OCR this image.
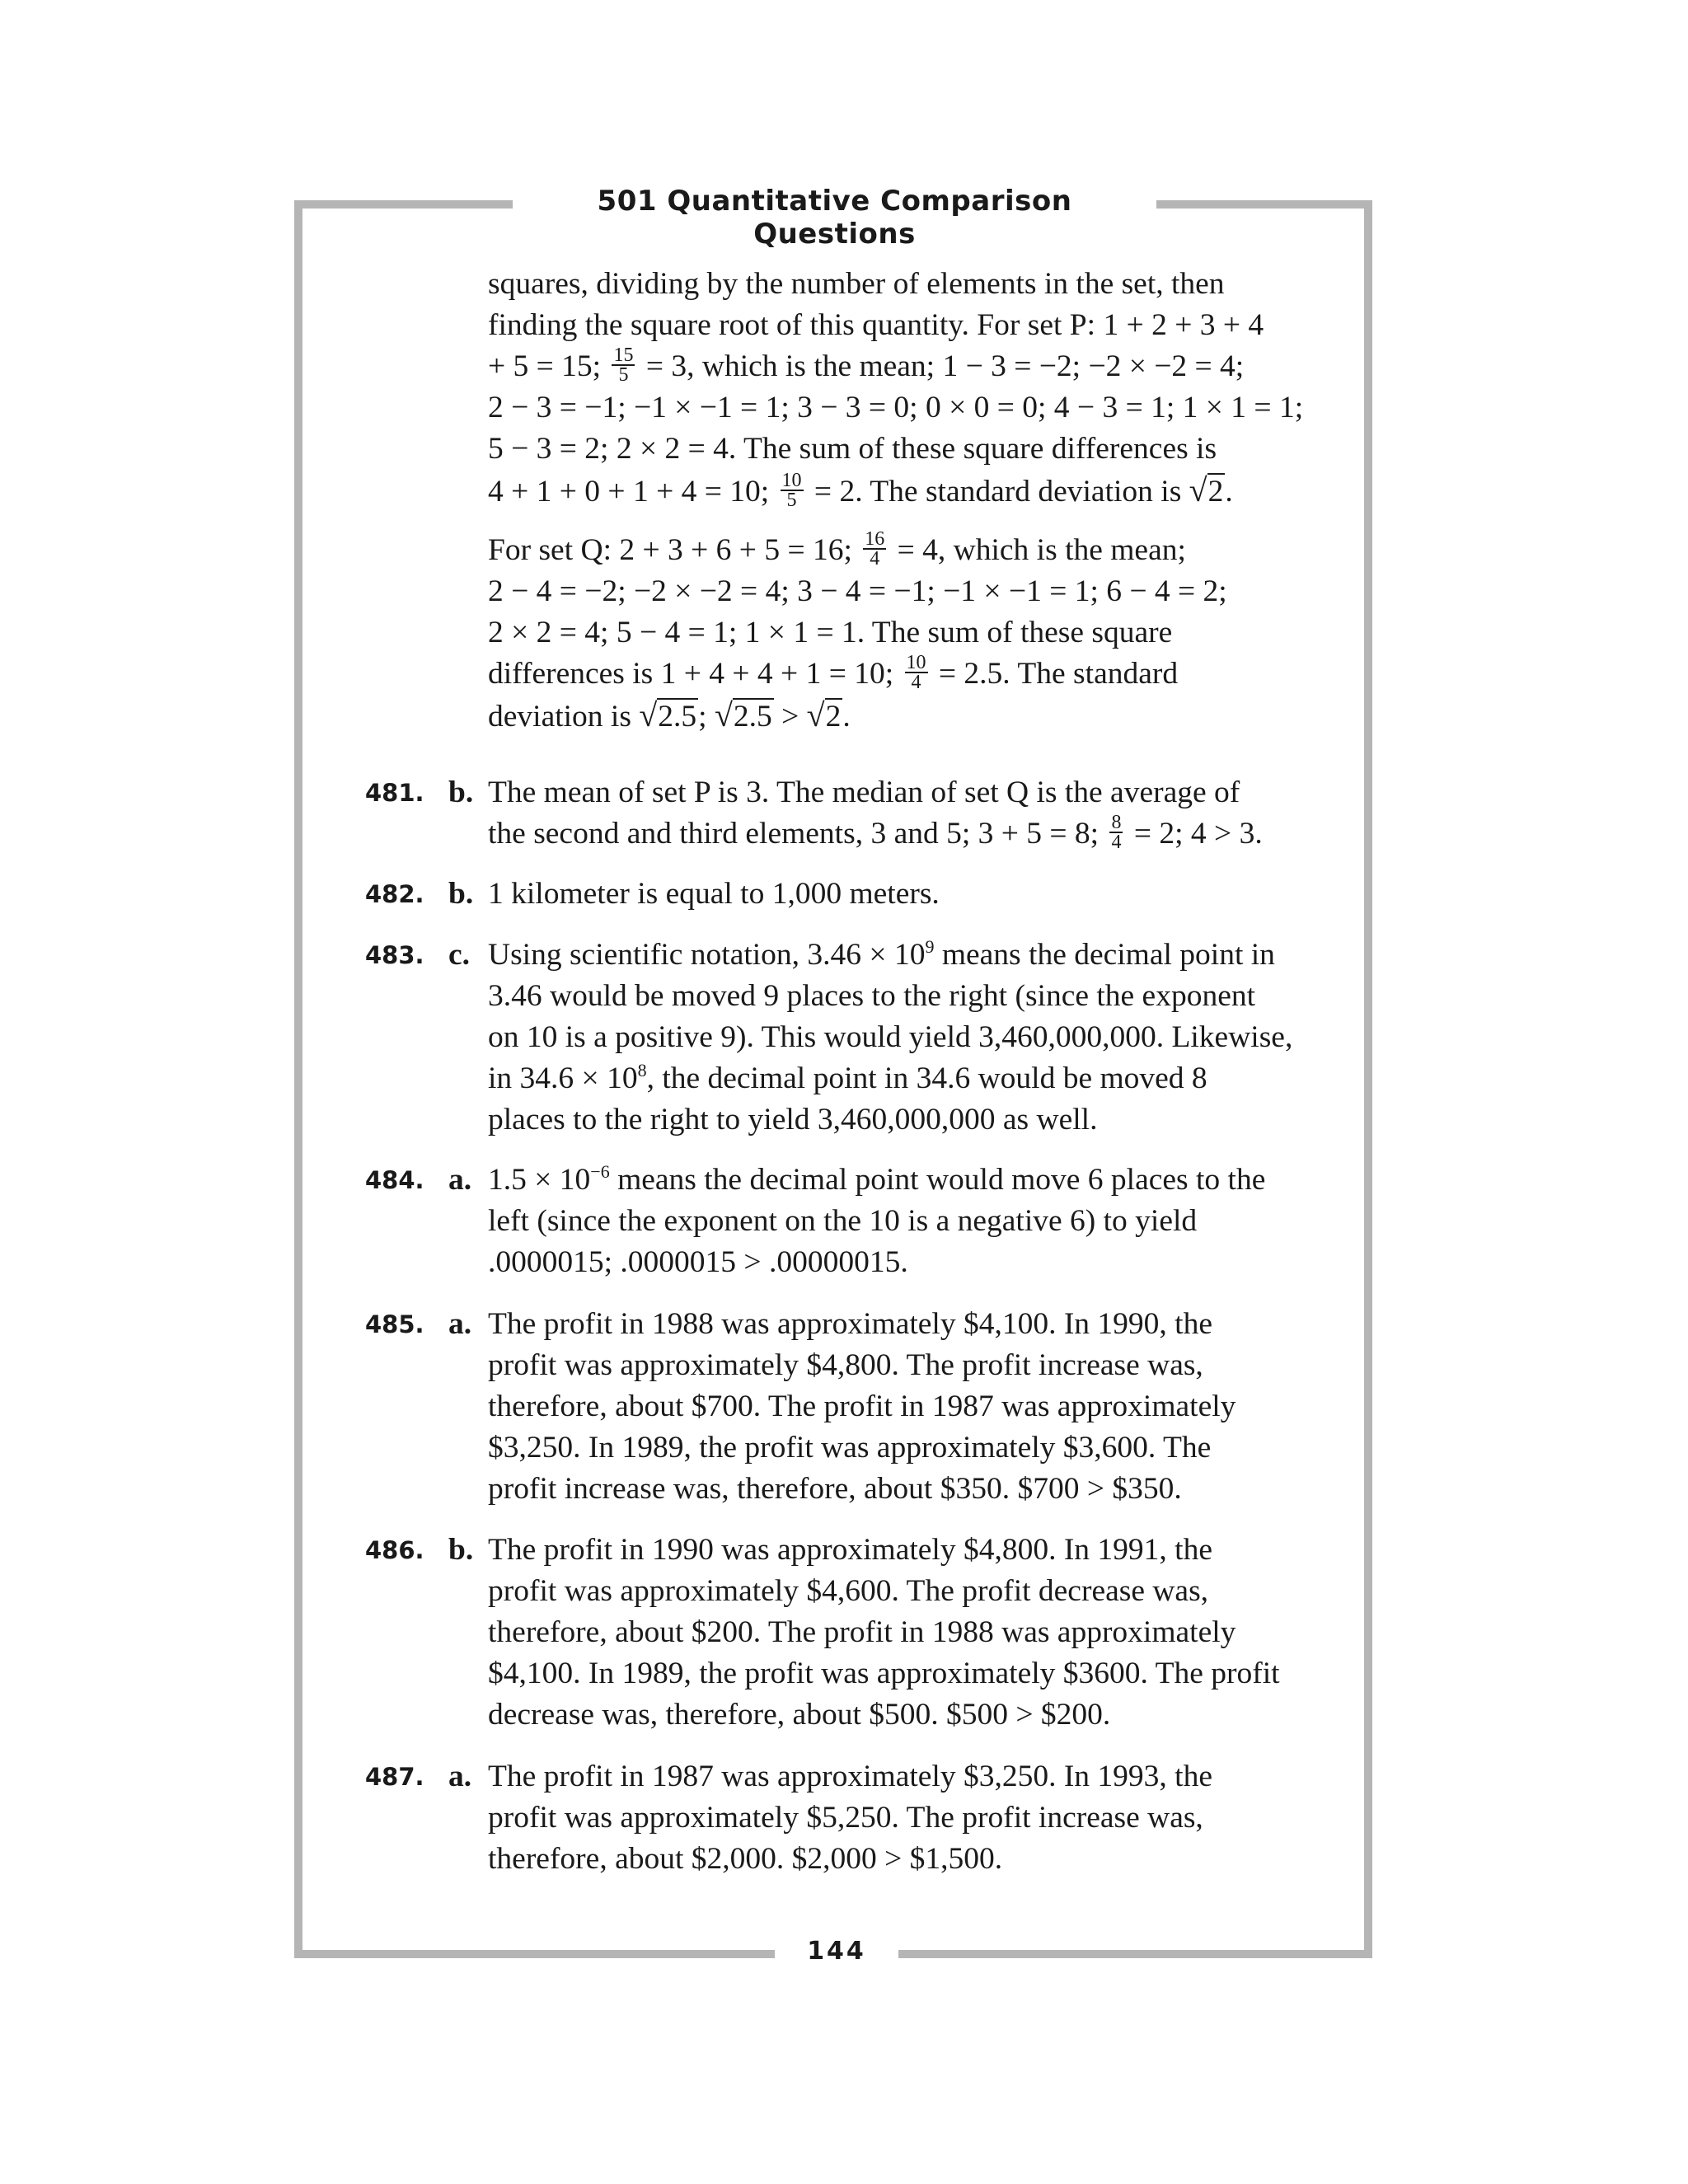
501 Quantitative Comparison Questions
144
squares, dividing by the number of elements in the set, then
finding the square root of this quantity. For set P: 1 + 2 + 3 + 4
+ 5 = 15; $\frac{15}{5} = 3$, which is the mean; 1 − 3 = −2; −2 × −2 = 4;
2 − 3 = −1; −1 × −1 = 1; 3 − 3 = 0; 0 × 0 = 0; 4 − 3 = 1; 1 × 1 = 1;
5 − 3 = 2; 2 × 2 = 4. The sum of these square differences is
4 + 1 + 0 + 1 + 4 = 10; $\frac{10}{5} = 2$. The standard deviation is √2.
For set Q: 2 + 3 + 6 + 5 = 16; $\frac{16}{4} = 4$, which is the mean;
2 − 4 = −2; −2 × −2 = 4; 3 − 4 = −1; −1 × −1 = 1; 6 − 4 = 2;
2 × 2 = 4; 5 − 4 = 1; 1 × 1 = 1. The sum of these square
differences is 1 + 4 + 4 + 1 = 10; $\frac{10}{4} = 2.5$. The standard
deviation is √2.5; √2.5 > √2.
481. b. The mean of set P is 3. The median of set Q is the average of
the second and third elements, 3 and 5; 3 + 5 = 8; $\frac{8}{4} = 2$; 4 > 3.
482. b. 1 kilometer is equal to 1,000 meters.
483. c. Using scientific notation, $3.46 \times 10^9$ means the decimal point in
3.46 would be moved 9 places to the right (since the exponent
on 10 is a positive 9). This would yield 3,460,000,000. Likewise,
in $34.6 \times 10^8$, the decimal point in 34.6 would be moved 8
places to the right to yield 3,460,000,000 as well.
484. a. $1.5 \times 10^{-6}$ means the decimal point would move 6 places to the
left (since the exponent on the 10 is a negative 6) to yield
.0000015; .0000015 > .00000015.
485. a. The profit in 1988 was approximately $4,100. In 1990, the
profit was approximately $4,800. The profit increase was,
therefore, about $700. The profit in 1987 was approximately
$3,250. In 1989, the profit was approximately $3,600. The
profit increase was, therefore, about $350. $700 > $350.
486. b. The profit in 1990 was approximately $4,800. In 1991, the
profit was approximately $4,600. The profit decrease was,
therefore, about $200. The profit in 1988 was approximately
$4,100. In 1989, the profit was approximately $3600. The profit
decrease was, therefore, about $500. $500 > $200.
487. a. The profit in 1987 was approximately $3,250. In 1993, the
profit was approximately $5,250. The profit increase was,
therefore, about $2,000. $2,000 > $1,500.
